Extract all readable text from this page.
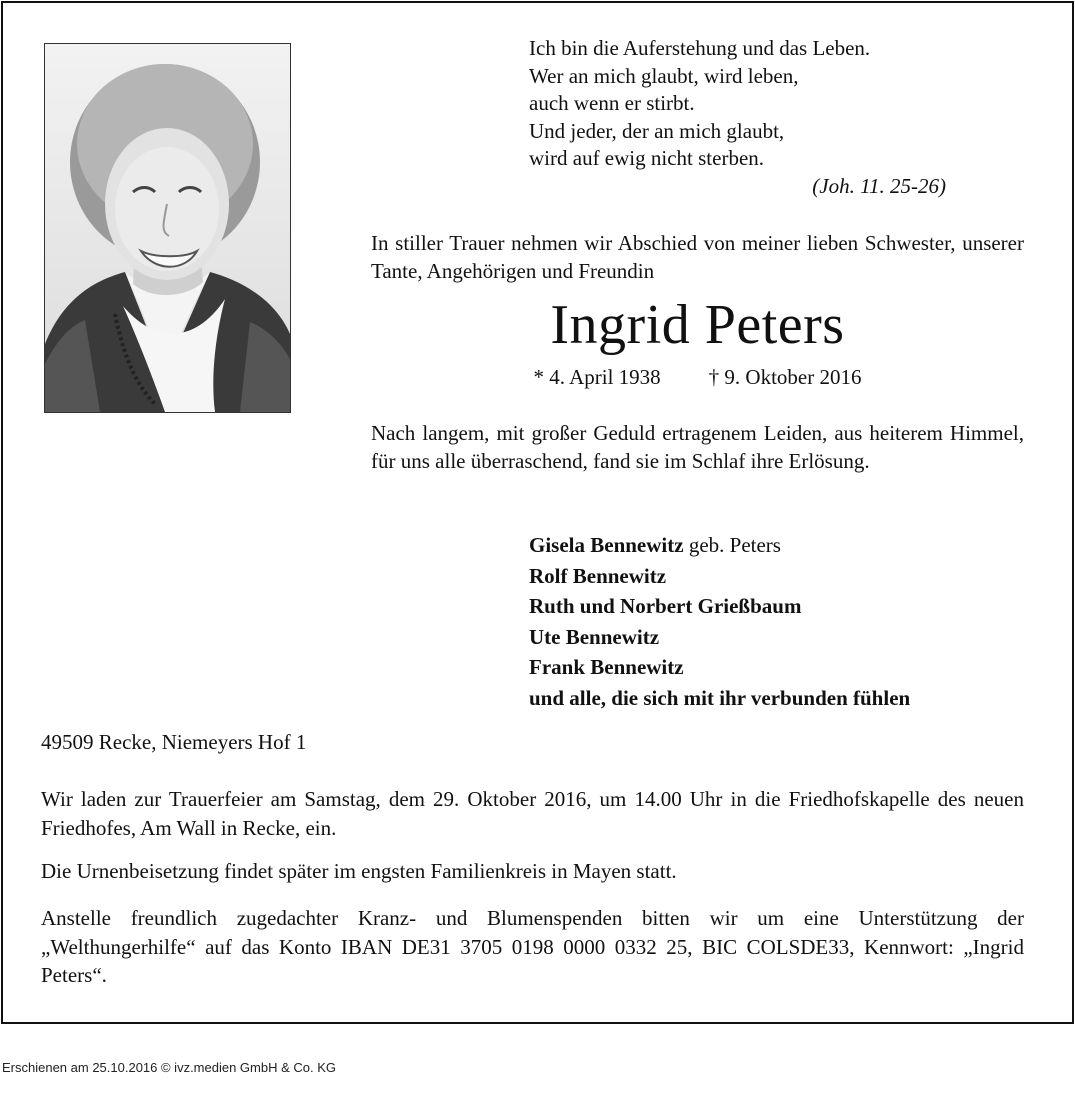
Ich bin die Auferstehung und das Leben.
Wer an mich glaubt, wird leben,
auch wenn er stirbt.
Und jeder, der an mich glaubt,
wird auf ewig nicht sterben.
(Joh. 11. 25-26)
In stiller Trauer nehmen wir Abschied von meiner lieben Schwester, unserer Tante, Angehörigen und Freundin
Ingrid Peters
* 4. April 1938 † 9. Oktober 2016
Nach langem, mit großer Geduld ertragenem Leiden, aus heiterem Himmel, für uns alle überraschend, fand sie im Schlaf ihre Erlösung.
Gisela Bennewitz geb. Peters
Rolf Bennewitz
Ruth und Norbert Grießbaum
Ute Bennewitz
Frank Bennewitz
und alle, die sich mit ihr verbunden fühlen
49509 Recke, Niemeyers Hof 1
Wir laden zur Trauerfeier am Samstag, dem 29. Oktober 2016, um 14.00 Uhr in die Friedhofskapelle des neuen Friedhofes, Am Wall in Recke, ein.
Die Urnenbeisetzung findet später im engsten Familienkreis in Mayen statt.
Anstelle freundlich zugedachter Kranz- und Blumenspenden bitten wir um eine Unterstützung der „Welthungerhilfe“ auf das Konto IBAN DE31 3705 0198 0000 0332 25, BIC COLSDE33, Kennwort: „Ingrid Peters“.
Erschienen am 25.10.2016 © ivz.medien GmbH & Co. KG
